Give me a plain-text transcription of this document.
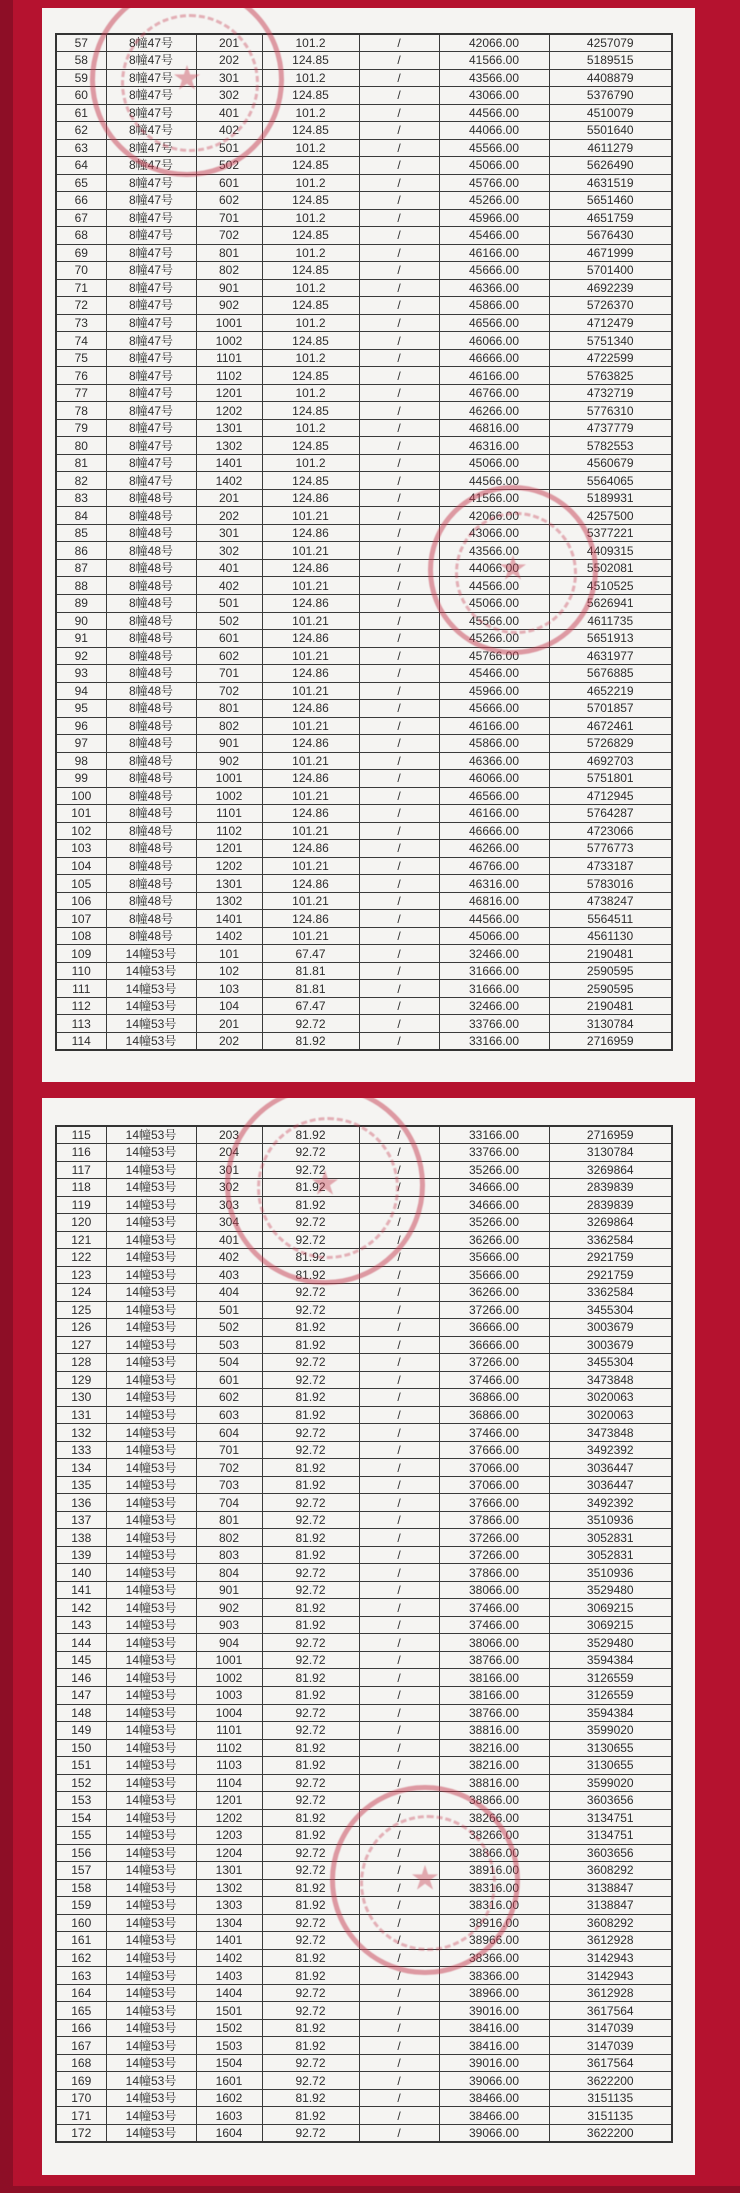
57	8幢47号	201	101.2	/	42066.00	4257079
58	8幢47号	202	124.85	/	41566.00	5189515
59	8幢47号	301	101.2	/	43566.00	4408879
60	8幢47号	302	124.85	/	43066.00	5376790
61	8幢47号	401	101.2	/	44566.00	4510079
62	8幢47号	402	124.85	/	44066.00	5501640
63	8幢47号	501	101.2	/	45566.00	4611279
64	8幢47号	502	124.85	/	45066.00	5626490
65	8幢47号	601	101.2	/	45766.00	4631519
66	8幢47号	602	124.85	/	45266.00	5651460
67	8幢47号	701	101.2	/	45966.00	4651759
68	8幢47号	702	124.85	/	45466.00	5676430
69	8幢47号	801	101.2	/	46166.00	4671999
70	8幢47号	802	124.85	/	45666.00	5701400
71	8幢47号	901	101.2	/	46366.00	4692239
72	8幢47号	902	124.85	/	45866.00	5726370
73	8幢47号	1001	101.2	/	46566.00	4712479
74	8幢47号	1002	124.85	/	46066.00	5751340
75	8幢47号	1101	101.2	/	46666.00	4722599
76	8幢47号	1102	124.85	/	46166.00	5763825
77	8幢47号	1201	101.2	/	46766.00	4732719
78	8幢47号	1202	124.85	/	46266.00	5776310
79	8幢47号	1301	101.2	/	46816.00	4737779
80	8幢47号	1302	124.85	/	46316.00	5782553
81	8幢47号	1401	101.2	/	45066.00	4560679
82	8幢47号	1402	124.85	/	44566.00	5564065
83	8幢48号	201	124.86	/	41566.00	5189931
84	8幢48号	202	101.21	/	42066.00	4257500
85	8幢48号	301	124.86	/	43066.00	5377221
86	8幢48号	302	101.21	/	43566.00	4409315
87	8幢48号	401	124.86	/	44066.00	5502081
88	8幢48号	402	101.21	/	44566.00	4510525
89	8幢48号	501	124.86	/	45066.00	5626941
90	8幢48号	502	101.21	/	45566.00	4611735
91	8幢48号	601	124.86	/	45266.00	5651913
92	8幢48号	602	101.21	/	45766.00	4631977
93	8幢48号	701	124.86	/	45466.00	5676885
94	8幢48号	702	101.21	/	45966.00	4652219
95	8幢48号	801	124.86	/	45666.00	5701857
96	8幢48号	802	101.21	/	46166.00	4672461
97	8幢48号	901	124.86	/	45866.00	5726829
98	8幢48号	902	101.21	/	46366.00	4692703
99	8幢48号	1001	124.86	/	46066.00	5751801
100	8幢48号	1002	101.21	/	46566.00	4712945
101	8幢48号	1101	124.86	/	46166.00	5764287
102	8幢48号	1102	101.21	/	46666.00	4723066
103	8幢48号	1201	124.86	/	46266.00	5776773
104	8幢48号	1202	101.21	/	46766.00	4733187
105	8幢48号	1301	124.86	/	46316.00	5783016
106	8幢48号	1302	101.21	/	46816.00	4738247
107	8幢48号	1401	124.86	/	44566.00	5564511
108	8幢48号	1402	101.21	/	45066.00	4561130
109	14幢53号	101	67.47	/	32466.00	2190481
110	14幢53号	102	81.81	/	31666.00	2590595
111	14幢53号	103	81.81	/	31666.00	2590595
112	14幢53号	104	67.47	/	32466.00	2190481
113	14幢53号	201	92.72	/	33766.00	3130784
114	14幢53号	202	81.92	/	33166.00	2716959
★
★
115	14幢53号	203	81.92	/	33166.00	2716959
116	14幢53号	204	92.72	/	33766.00	3130784
117	14幢53号	301	92.72	/	35266.00	3269864
118	14幢53号	302	81.92	/	34666.00	2839839
119	14幢53号	303	81.92	/	34666.00	2839839
120	14幢53号	304	92.72	/	35266.00	3269864
121	14幢53号	401	92.72	/	36266.00	3362584
122	14幢53号	402	81.92	/	35666.00	2921759
123	14幢53号	403	81.92	/	35666.00	2921759
124	14幢53号	404	92.72	/	36266.00	3362584
125	14幢53号	501	92.72	/	37266.00	3455304
126	14幢53号	502	81.92	/	36666.00	3003679
127	14幢53号	503	81.92	/	36666.00	3003679
128	14幢53号	504	92.72	/	37266.00	3455304
129	14幢53号	601	92.72	/	37466.00	3473848
130	14幢53号	602	81.92	/	36866.00	3020063
131	14幢53号	603	81.92	/	36866.00	3020063
132	14幢53号	604	92.72	/	37466.00	3473848
133	14幢53号	701	92.72	/	37666.00	3492392
134	14幢53号	702	81.92	/	37066.00	3036447
135	14幢53号	703	81.92	/	37066.00	3036447
136	14幢53号	704	92.72	/	37666.00	3492392
137	14幢53号	801	92.72	/	37866.00	3510936
138	14幢53号	802	81.92	/	37266.00	3052831
139	14幢53号	803	81.92	/	37266.00	3052831
140	14幢53号	804	92.72	/	37866.00	3510936
141	14幢53号	901	92.72	/	38066.00	3529480
142	14幢53号	902	81.92	/	37466.00	3069215
143	14幢53号	903	81.92	/	37466.00	3069215
144	14幢53号	904	92.72	/	38066.00	3529480
145	14幢53号	1001	92.72	/	38766.00	3594384
146	14幢53号	1002	81.92	/	38166.00	3126559
147	14幢53号	1003	81.92	/	38166.00	3126559
148	14幢53号	1004	92.72	/	38766.00	3594384
149	14幢53号	1101	92.72	/	38816.00	3599020
150	14幢53号	1102	81.92	/	38216.00	3130655
151	14幢53号	1103	81.92	/	38216.00	3130655
152	14幢53号	1104	92.72	/	38816.00	3599020
153	14幢53号	1201	92.72	/	38866.00	3603656
154	14幢53号	1202	81.92	/	38266.00	3134751
155	14幢53号	1203	81.92	/	38266.00	3134751
156	14幢53号	1204	92.72	/	38866.00	3603656
157	14幢53号	1301	92.72	/	38916.00	3608292
158	14幢53号	1302	81.92	/	38316.00	3138847
159	14幢53号	1303	81.92	/	38316.00	3138847
160	14幢53号	1304	92.72	/	38916.00	3608292
161	14幢53号	1401	92.72	/	38966.00	3612928
162	14幢53号	1402	81.92	/	38366.00	3142943
163	14幢53号	1403	81.92	/	38366.00	3142943
164	14幢53号	1404	92.72	/	38966.00	3612928
165	14幢53号	1501	92.72	/	39016.00	3617564
166	14幢53号	1502	81.92	/	38416.00	3147039
167	14幢53号	1503	81.92	/	38416.00	3147039
168	14幢53号	1504	92.72	/	39016.00	3617564
169	14幢53号	1601	92.72	/	39066.00	3622200
170	14幢53号	1602	81.92	/	38466.00	3151135
171	14幢53号	1603	81.92	/	38466.00	3151135
172	14幢53号	1604	92.72	/	39066.00	3622200
★
★
